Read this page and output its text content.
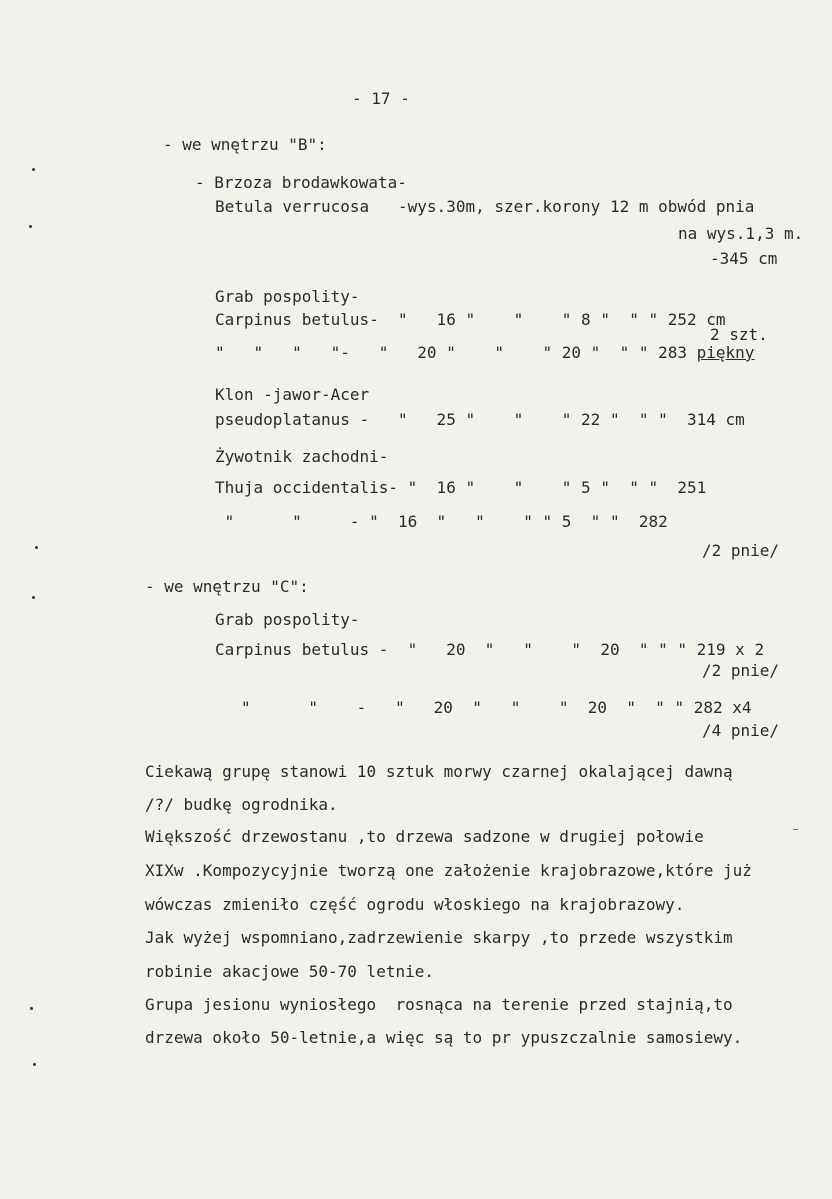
- 17 -
- we wnętrzu "B":
- Brzoza brodawkowata-
Betula verrucosa   -wys.30m, szer.korony 12 m obwód pnia
na wys.1,3 m.
-345 cm
Grab pospolity-
Carpinus betulus-  "   16 "    "    " 8 "  " " 252 cm
2 szt.
"   "   "   "-   "   20 "    "    " 20 "  " " 283 piękny
Klon -jawor-Acer
pseudoplatanus -   "   25 "    "    " 22 "  " "  314 cm
Żywotnik zachodni-
Thuja occidentalis- "  16 "    "    " 5 "  " "  251
"      "     - "  16  "   "    " " 5  " "  282
/2 pnie/
- we wnętrzu "C":
Grab pospolity-
Carpinus betulus -  "   20  "   "    "  20  " " " 219 x 2
/2 pnie/
"      "    -   "   20  "   "    "  20  "  " " 282 x4
/4 pnie/
Ciekawą grupę stanowi 10 sztuk morwy czarnej okalającej dawną
/?/ budkę ogrodnika.
Większość drzewostanu ,to drzewa sadzone w drugiej połowie
XIXw .Kompozycyjnie tworzą one założenie krajobrazowe,które już
wówczas zmieniło część ogrodu włoskiego na krajobrazowy.
Jak wyżej wspomniano,zadrzewienie skarpy ,to przede wszystkim
robinie akacjowe 50-70 letnie.
Grupa jesionu wyniosłego  rosnąca na terenie przed stajnią,to
drzewa około 50-letnie,a więc są to pr ypuszczalnie samosiewy.
